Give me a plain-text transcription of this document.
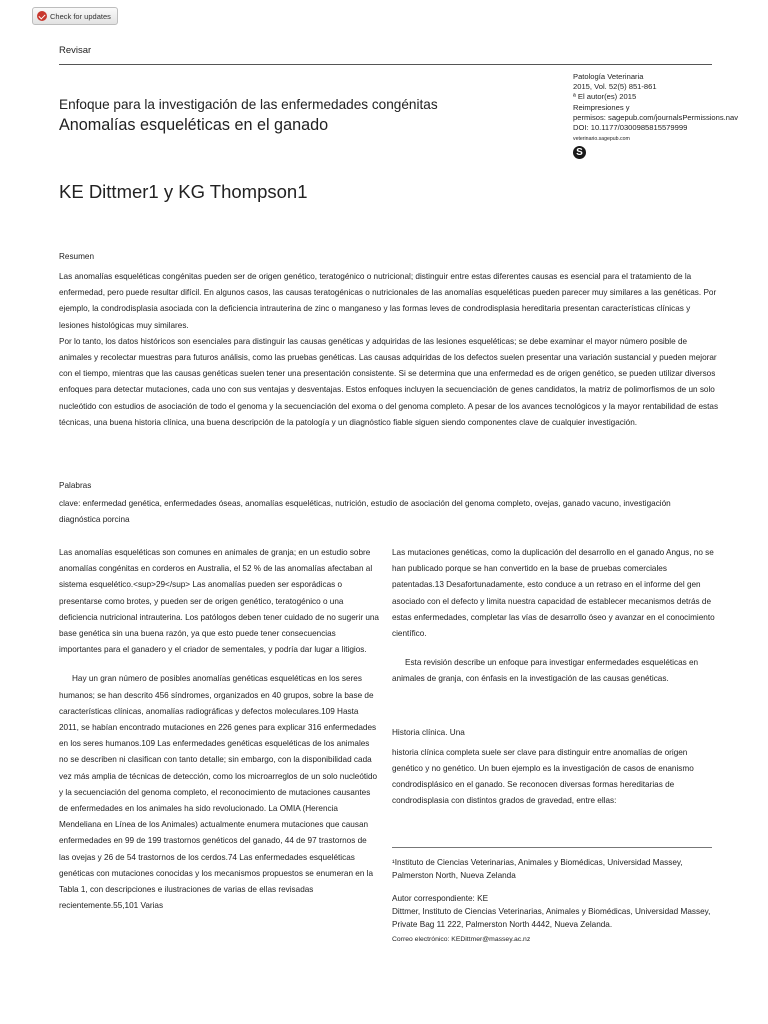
Check for updates
Revisar
Patología Veterinaria
2015, Vol. 52(5) 851-861
ª El autor(es) 2015
Reimpresiones y
permisos: sagepub.com/journalsPermissions.nav
DOI: 10.1177/0300985815579999
veterinario.sagepub.com
S
Enfoque para la investigación de las enfermedades congénitas
Anomalías esqueléticas en el ganado
KE Dittmer1 y KG Thompson1
Resumen

Las anomalías esqueléticas congénitas pueden ser de origen genético, teratogénico o nutricional; distinguir entre estas diferentes causas es esencial para el tratamiento de la enfermedad, pero puede resultar difícil. En algunos casos, las causas teratogénicas o nutricionales de las anomalías esqueléticas pueden parecer muy similares a las genéticas. Por ejemplo, la condrodisplasia asociada con la deficiencia intrauterina de zinc o manganeso y las formas leves de condrodisplasia hereditaria presentan características clínicas y lesiones histológicas muy similares.

Por lo tanto, los datos históricos son esenciales para distinguir las causas genéticas y adquiridas de las lesiones esqueléticas; se debe examinar el mayor número posible de animales y recolectar muestras para futuros análisis, como las pruebas genéticas. Las causas adquiridas de los defectos suelen presentar una variación sustancial y pueden mejorar con el tiempo, mientras que las causas genéticas suelen tener una presentación consistente. Si se determina que una enfermedad es de origen genético, se pueden utilizar diversos enfoques para detectar mutaciones, cada uno con sus ventajas y desventajas. Estos enfoques incluyen la secuenciación de genes candidatos, la matriz de polimorfismos de un solo nucleótido con estudios de asociación de todo el genoma y la secuenciación del exoma o del genoma completo. A pesar de los avances tecnológicos y la mayor rentabilidad de estas técnicas, una buena historia clínica, una buena descripción de la patología y un diagnóstico fiable siguen siendo componentes clave de cualquier investigación.

Palabras
clave: enfermedad genética, enfermedades óseas, anomalías esqueléticas, nutrición, estudio de asociación del genoma completo, ovejas, ganado vacuno, investigación
diagnóstica porcina

Las anomalías esqueléticas son comunes en animales de granja; en un estudio sobre anomalías congénitas en corderos en Australia, el 52 % de las anomalías afectaban al sistema esquelético.<sup>29</sup> Las anomalías pueden ser esporádicas o presentarse como brotes, y pueden ser de origen genético, teratogénico o una deficiencia nutricional intrauterina. Los patólogos deben tener cuidado de no sugerir una base genética sin una buena razón, ya que esto puede tener consecuencias importantes para el ganadero y el criador de sementales, y podría dar lugar a litigios.

Hay un gran número de posibles anomalías genéticas esqueléticas en los seres humanos; se han descrito 456 síndromes, organizados en 40 grupos, sobre la base de características clínicas, anomalías radiográficas y defectos moleculares.109 Hasta 2011, se habían encontrado mutaciones en 226 genes para explicar 316 enfermedades en los seres humanos.109 Las enfermedades genéticas esqueléticas de los animales no se describen ni clasifican con tanto detalle; sin embargo, con la disponibilidad cada vez más amplia de técnicas de detección, como los microarreglos de un solo nucleótido y la secuenciación del genoma completo, el reconocimiento de mutaciones causantes de enfermedades en los animales ha sido revolucionado. La OMIA (Herencia Mendeliana en Línea de los Animales) actualmente enumera mutaciones que causan enfermedades en 99 de 199 trastornos genéticos del ganado, 44 de 97 trastornos de las ovejas y 26 de 54 trastornos de los cerdos.74 Las enfermedades esqueléticas genéticas con mutaciones conocidas y los mecanismos propuestos se enumeran en la Tabla 1, con descripciones e ilustraciones de varias de ellas revisadas recientemente.55,101 Varias

Las mutaciones genéticas, como la duplicación del desarrollo en el ganado Angus, no se han publicado porque se han convertido en la base de pruebas comerciales patentadas.13 Desafortunadamente, esto conduce a un retraso en el informe del gen asociado con el defecto y limita nuestra capacidad de establecer mecanismos detrás de estas enfermedades, completar las vías de desarrollo óseo y avanzar en el conocimiento científico.

Esta revisión describe un enfoque para investigar enfermedades esqueléticas en animales de granja, con énfasis en la investigación de las causas genéticas.

Historia clínica. Una

historia clínica completa suele ser clave para distinguir entre anomalías de origen genético y no genético. Un buen ejemplo es la investigación de casos de enanismo condrodisplásico en el ganado. Se reconocen diversas formas hereditarias de condrodisplasia con distintos grados de gravedad, entre ellas:

¹Instituto de Ciencias Veterinarias, Animales y Biomédicas, Universidad Massey, Palmerston North, Nueva Zelanda
Autor correspondiente: KE
Dittmer, Instituto de Ciencias Veterinarias, Animales y Biomédicas, Universidad Massey, Private Bag 11 222, Palmerston North 4442, Nueva Zelanda.
Correo electrónico: KEDittmer@massey.ac.nz
